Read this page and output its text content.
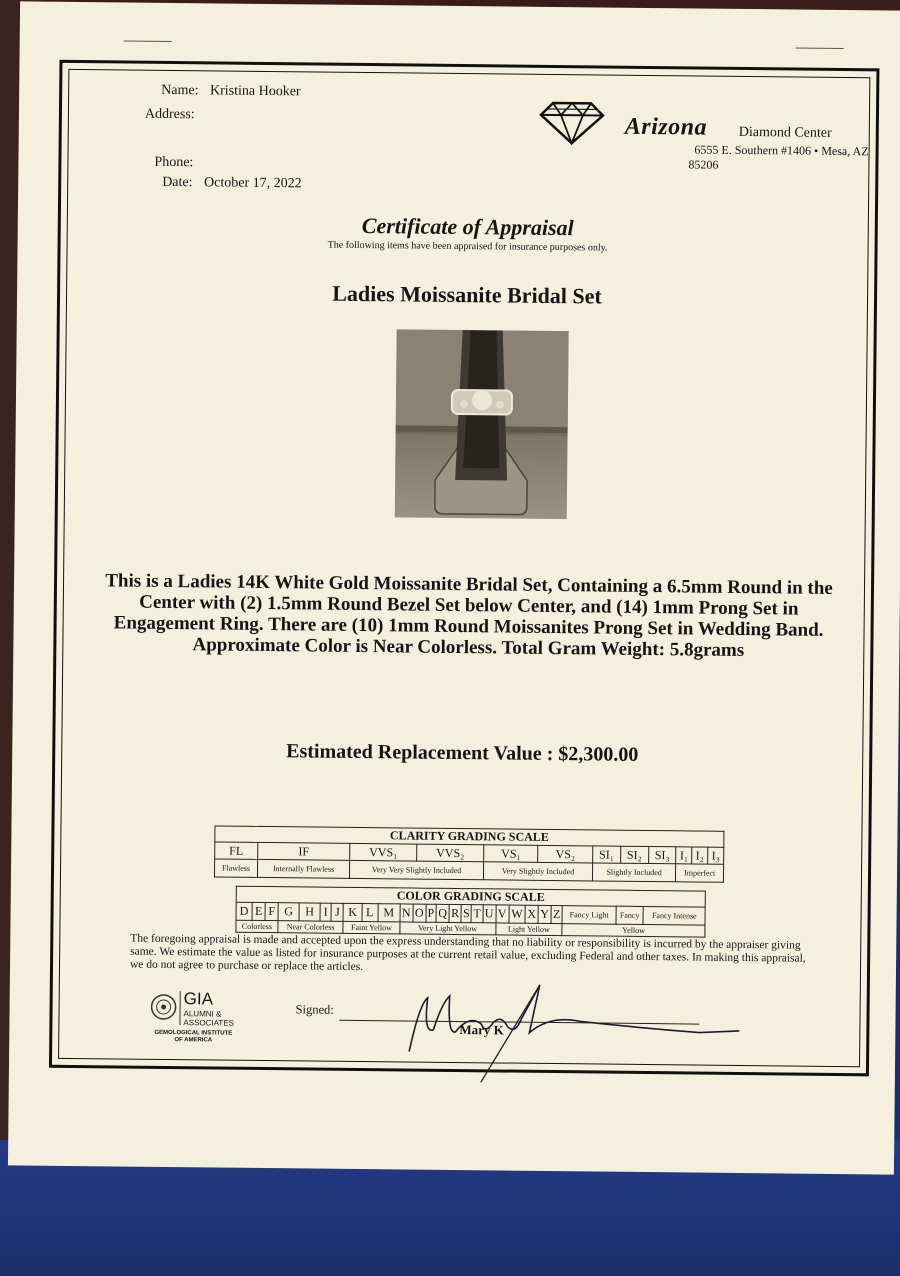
Name: Kristina Hooker
Address:
Phone:
Date: October 17, 2022
Arizona Diamond Center
6555 E. Southern #1406 • Mesa, AZ
85206
Certificate of Appraisal
The following items have been appraised for insurance purposes only.
Ladies Moissanite Bridal Set
This is a Ladies 14K White Gold Moissanite Bridal Set, Containing a 6.5mm Round in the Center with (2) 1.5mm Round Bezel Set below Center, and (14) 1mm Prong Set in Engagement Ring. There are (10) 1mm Round Moissanites Prong Set in Wedding Band. Approximate Color is Near Colorless. Total Gram Weight: 5.8grams
Estimated Replacement Value : $2,300.00
CLARITY GRADING SCALE											
FL	IF	VVS₁	VVS₂	VS₁	VS₂	SI₁	SI₂	SI₃	I₁	I₂	I₃
Flawless	Internally Flawless	Very Very Slightly Included		Very Slightly Included		Slightly Included			Imperfect		
COLOR GRADING SCALE																									
D	E	F	G	H	I	J	K	L	M	N	O	P	Q	R	S	T	U	V	W	X	Y	Z	Fancy Light	Fancy	Fancy Intense
Colorless			Near Colorless				Faint Yellow			Very Light Yellow								Light Yellow					Yellow		
The foregoing appraisal is made and accepted upon the express understanding that no liability or responsibility is incurred by the appraiser giving same. We estimate the value as listed for insurance purposes at the current retail value, excluding Federal and other taxes. In making this appraisal, we do not agree to purchase or replace the articles.
GIA
ALUMNI &
ASSOCIATES
GEMOLOGICAL INSTITUTE
OF AMERICA
Signed:
Mary K
